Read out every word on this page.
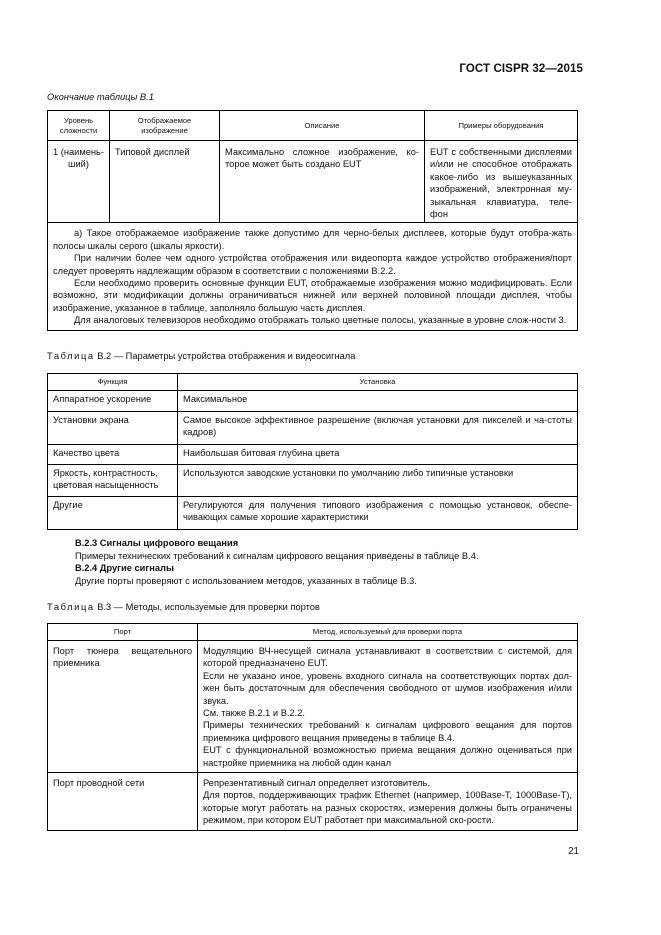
ГОСТ CISPR 32—2015
Окончание таблицы В.1
Уровень сложности	Отображаемое изображение	Описание	Примеры оборудования
1 (наимень-ший)	Типовой дисплей	Максимально сложное изображение, ко-торое может быть создано EUT	EUT с собственными дисплеями и/или не способное отображать какое-либо из вышеуказанных изображений, электронная му-зыкальная клавиатура, теле-фон

а) Такое отображаемое изображение также допустимо для черно-белых дисплеев, которые будут отобра-жать полосы шкалы серого (шкалы яркости).

При наличии более чем одного устройства отображения или видеопорта каждое устройство отображения/порт следует проверять надлежащим образом в соответствии с положениями В.2.2.

Если необходимо проверить основные функции EUT, отображаемые изображения можно модифицировать. Если возможно, эти модификации должны ограничиваться нижней или верхней половиной площади дисплея, чтобы изображение, указанное в таблице, заполняло большую часть дисплея.

Для аналоговых телевизоров необходимо отображать только цветные полосы, указанные в уровне слож-ности 3.			

Таблица В.2 — Параметры устройства отображения и видеосигнала
Функция	Установка
Аппаратное ускорение	Максимальное
Установки экрана	Самое высокое эффективное разрешение (включая установки для пикселей и ча-стоты кадров)
Качество цвета	Наибольшая битовая глубина цвета
Яркость, контрастность, цветовая насыщенность	Используются заводские установки по умолчанию либо типичные установки
Другие	Регулируются для получения типового изображения с помощью установок, обеспе-чивающих самые хорошие характеристики

В.2.3 Сигналы цифрового вещания

Примеры технических требований к сигналам цифрового вещания приведены в таблице В.4.

В.2.4 Другие сигналы

Другие порты проверяют с использованием методов, указанных в таблице В.3.

Таблица В.3 — Методы, используемые для проверки портов
Порт	Метод, используемый для проверки порта
Порт тюнера вещательного приемника	Модуляцию ВЧ-несущей сигнала устанавливают в соответствии с системой, для которой предназначено EUT.
Если не указано иное, уровень входного сигнала на соответствующих портах дол-жен быть достаточным для обеспечения свободного от шумов изображения и/или звука.
См. также В.2.1 и В.2.2.
Примеры технических требований к сигналам цифрового вещания для портов приемника цифрового вещания приведены в таблице В.4.
EUT с функциональной возможностью приема вещания должно оцениваться при настройке приемника на любой один канал

Порт проводной сети	Репрезентативный сигнал определяет изготовитель.
Для портов, поддерживающих трафик Ethernet (например, 100Base-T, 1000Base-T), которые могут работать на разных скоростях, измерения должны быть ограничены режимом, при котором EUT работает при максимальной ско-рости.
21
